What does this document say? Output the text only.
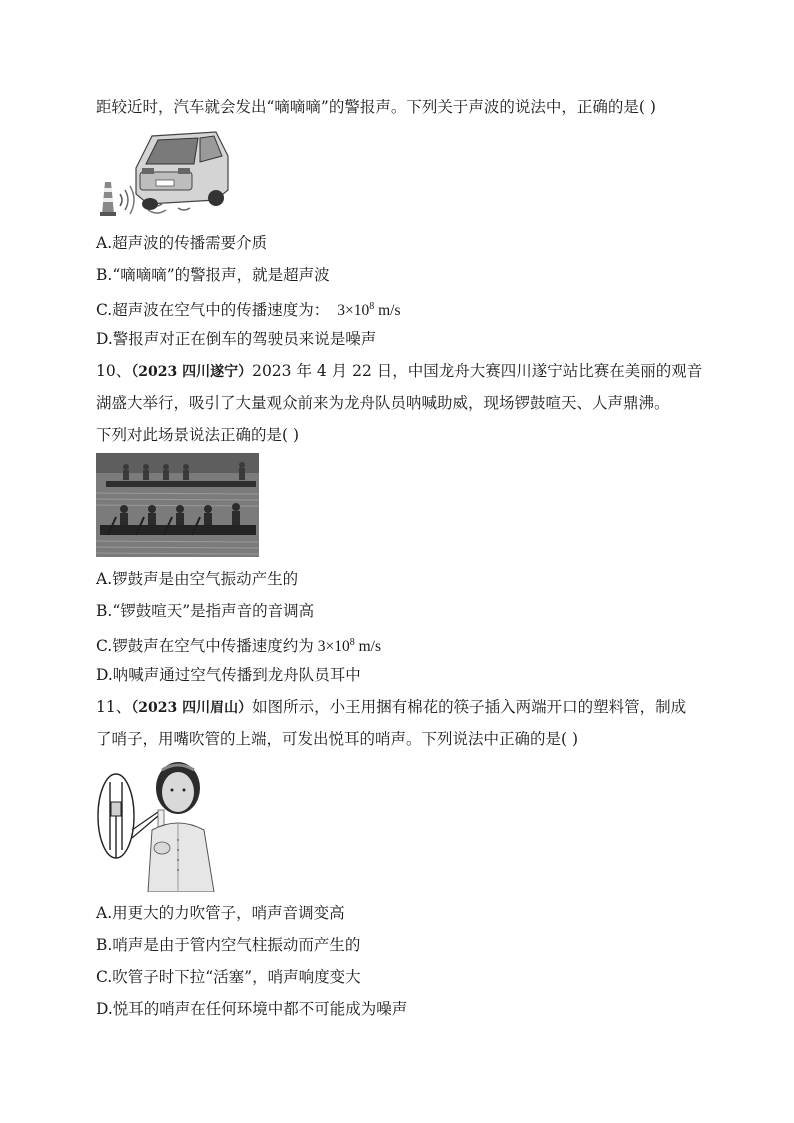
距较近时，汽车就会发出“嘀嘀嘀”的警报声。下列关于声波的说法中，正确的是( )
A.超声波的传播需要介质
B.“嘀嘀嘀”的警报声，就是超声波
C.超声波在空气中的传播速度为： $3\times 10^8$ m/s
D.警报声对正在倒车的驾驶员来说是噪声
10、（2023 四川遂宁）2023 年 4 月 22 日，中国龙舟大赛四川遂宁站比赛在美丽的观音
湖盛大举行，吸引了大量观众前来为龙舟队员呐喊助威，现场锣鼓喧天、人声鼎沸。
下列对此场景说法正确的是( )
A.锣鼓声是由空气振动产生的
B.“锣鼓喧天”是指声音的音调高
C.锣鼓声在空气中传播速度约为 $3\times 10^8$ m/s
D.呐喊声通过空气传播到龙舟队员耳中
11、（2023 四川眉山）如图所示，小王用捆有棉花的筷子插入两端开口的塑料管，制成
了哨子，用嘴吹管的上端，可发出悦耳的哨声。下列说法中正确的是( )
A.用更大的力吹管子，哨声音调变高
B.哨声是由于管内空气柱振动而产生的
C.吹管子时下拉“活塞”，哨声响度变大
D.悦耳的哨声在任何环境中都不可能成为噪声
